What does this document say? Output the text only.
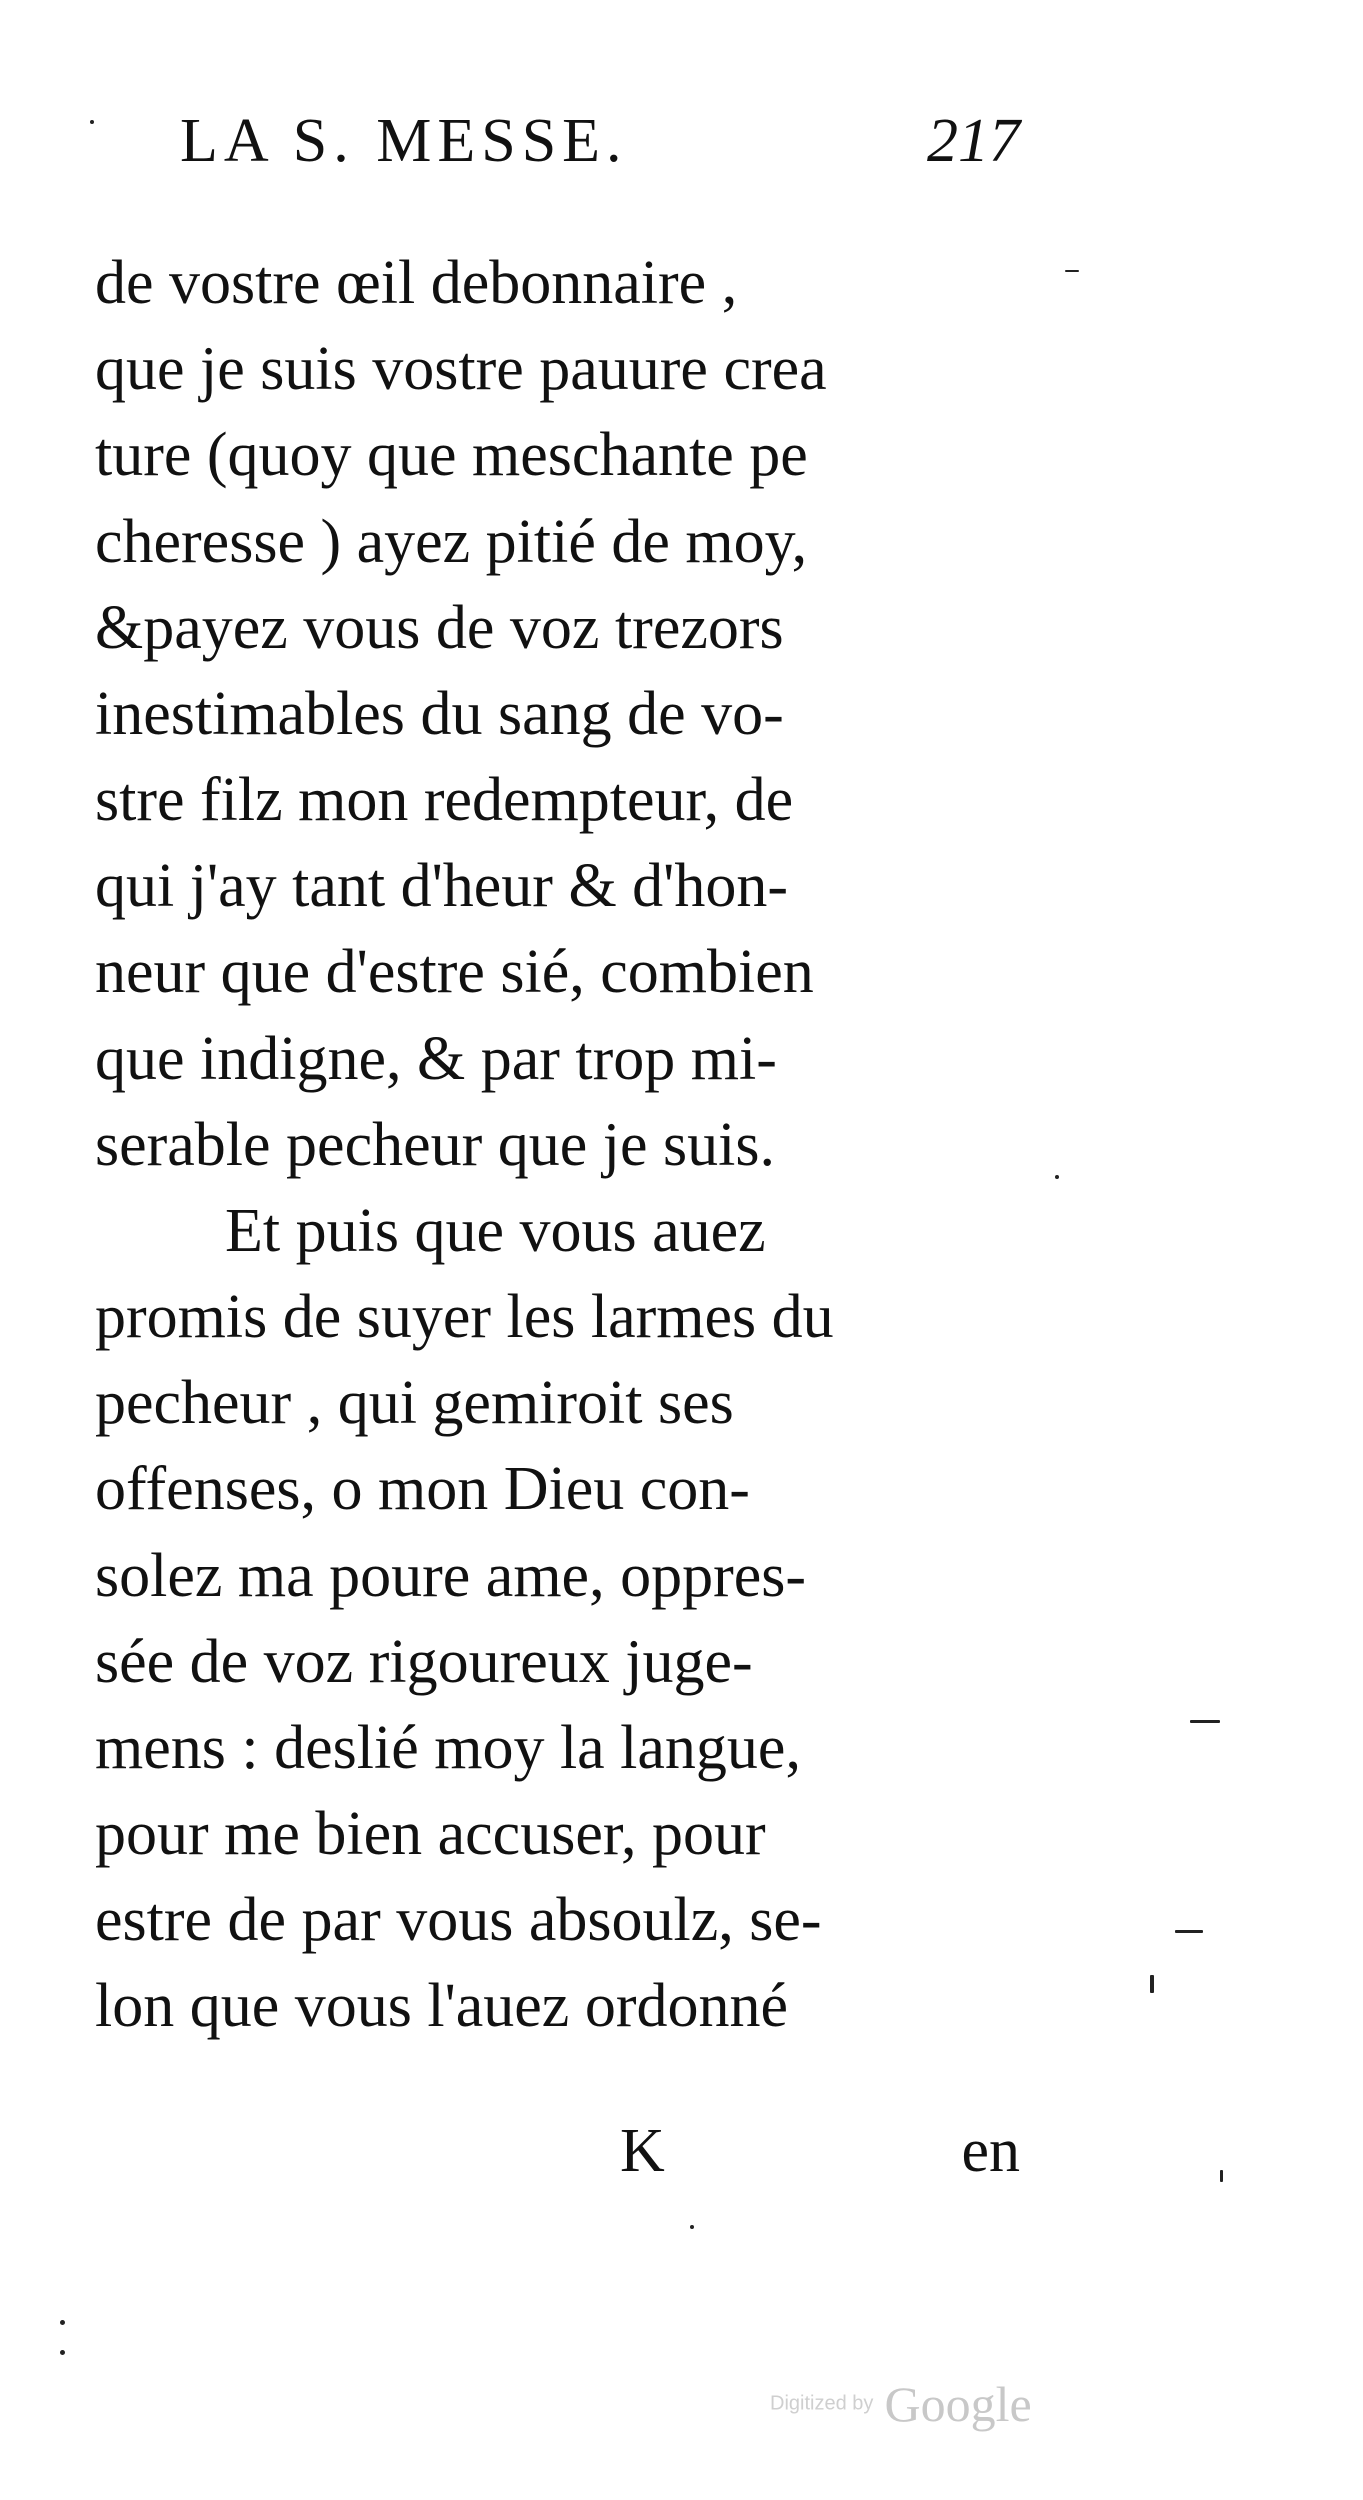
LA S. MESSE.	217
de vostre œil debonnaire ,
que je suis vostre pauure crea
ture (quoy que meschante pe
cheresse ) ayez pitié de moy,
&payez vous de voz trezors
inestimables du sang de vo-
stre filz mon redempteur, de
qui j'ay tant d'heur & d'hon-
neur que d'estre sié, combien
que indigne, & par trop mi-
serable pecheur que je suis.
Et puis que vous auez
promis de suyer les larmes du
pecheur , qui gemiroit ses
offenses, o mon Dieu con-
solez ma poure ame, oppres-
sée de voz rigoureux juge-
mens : deslié moy la langue,
pour me bien accuser, pour
estre de par vous absoulz, se-
lon que vous l'auez ordonné
K	en
Digitized by Google
